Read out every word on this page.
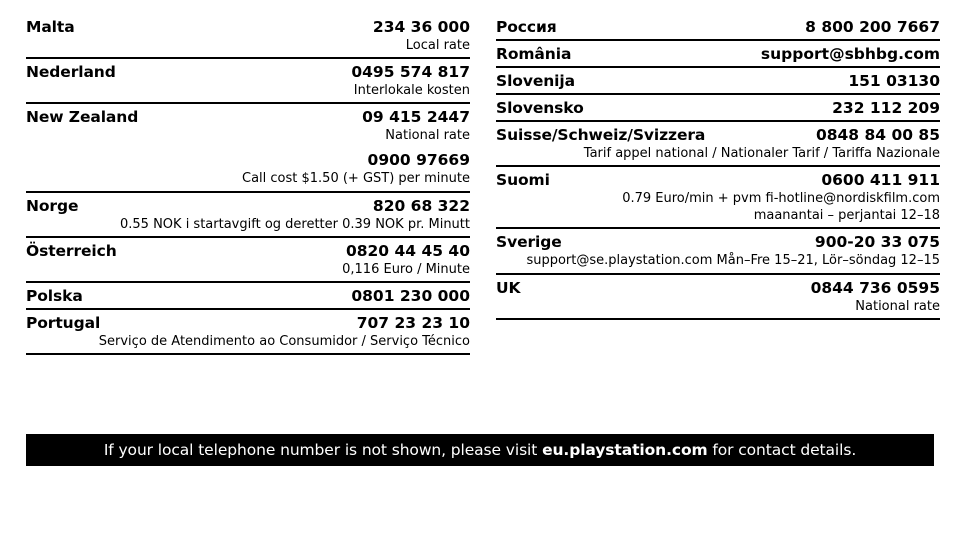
Malta	234 36 000
Local rate
Nederland	0495 574 817
Interlokale kosten
New Zealand	09 415 2447
National rate
0900 97669
Call cost $1.50 (+ GST) per minute
Norge	820 68 322
0.55 NOK i startavgift og deretter 0.39 NOK pr. Minutt
Österreich	0820 44 45 40
0,116 Euro / Minute
Polska	0801 230 000
Portugal	707 23 23 10
Serviço de Atendimento ao Consumidor / Serviço Técnico
Россия	8 800 200 7667
România	support@sbhbg.com
Slovenija	151 03130
Slovensko	232 112 209
Suisse/Schweiz/Svizzera	0848 84 00 85
Tarif appel national / Nationaler Tarif / Tariffa Nazionale
Suomi	0600 411 911
0.79 Euro/min + pvm fi-hotline@nordiskfilm.com
maanantai – perjantai 12–18
Sverige	900-20 33 075
support@se.playstation.com Mån–Fre 15–21, Lör–söndag 12–15
UK	0844 736 0595
National rate
If your local telephone number is not shown, please visit eu.playstation.com for contact details.
